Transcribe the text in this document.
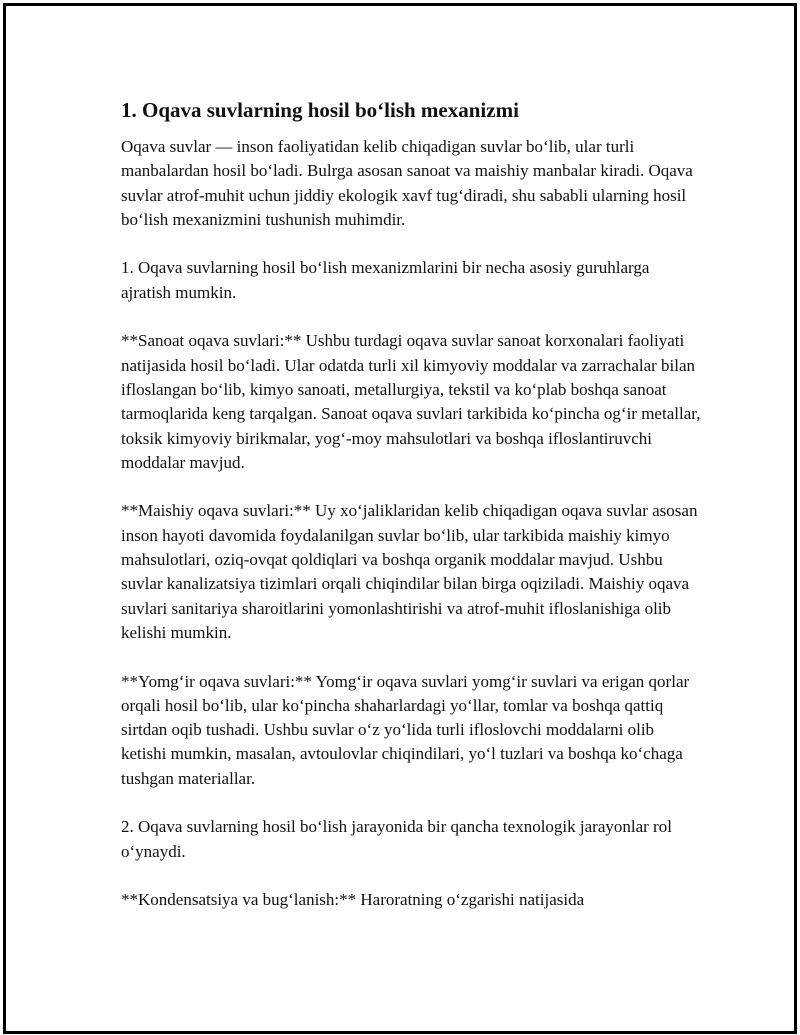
1. Oqava suvlarning hosil bo‘lish mexanizmi

Oqava suvlar — inson faoliyatidan kelib chiqadigan suvlar bo‘lib, ular turli manbalardan hosil bo‘ladi. Bulrga asosan sanoat va maishiy manbalar kiradi. Oqava suvlar atrof-muhit uchun jiddiy ekologik xavf tug‘diradi, shu sababli ularning hosil bo‘lish mexanizmini tushunish muhimdir.

1. Oqava suvlarning hosil bo‘lish mexanizmlarini bir necha asosiy guruhlarga ajratish mumkin.

**Sanoat oqava suvlari:** Ushbu turdagi oqava suvlar sanoat korxonalari faoliyati natijasida hosil bo‘ladi. Ular odatda turli xil kimyoviy moddalar va zarrachalar bilan ifloslangan bo‘lib, kimyo sanoati, metallurgiya, tekstil va ko‘plab boshqa sanoat tarmoqlarida keng tarqalgan. Sanoat oqava suvlari tarkibida ko‘pincha og‘ir metallar, toksik kimyoviy birikmalar, yog‘-moy mahsulotlari va boshqa ifloslantiruvchi moddalar mavjud.

**Maishiy oqava suvlari:** Uy xo‘jaliklaridan kelib chiqadigan oqava suvlar asosan inson hayoti davomida foydalanilgan suvlar bo‘lib, ular tarkibida maishiy kimyo mahsulotlari, oziq-ovqat qoldiqlari va boshqa organik moddalar mavjud. Ushbu suvlar kanalizatsiya tizimlari orqali chiqindilar bilan birga oqiziladi. Maishiy oqava suvlari sanitariya sharoitlarini yomonlashtirishi va atrof-muhit ifloslanishiga olib kelishi mumkin.

**Yomg‘ir oqava suvlari:** Yomg‘ir oqava suvlari yomg‘ir suvlari va erigan qorlar orqali hosil bo‘lib, ular ko‘pincha shaharlardagi yo‘llar, tomlar va boshqa qattiq sirtdan oqib tushadi. Ushbu suvlar o‘z yo‘lida turli ifloslovchi moddalarni olib ketishi mumkin, masalan, avtoulovlar chiqindilari, yo‘l tuzlari va boshqa ko‘chaga tushgan materiallar.

2. Oqava suvlarning hosil bo‘lish jarayonida bir qancha texnologik jarayonlar rol o‘ynaydi.

**Kondensatsiya va bug‘lanish:** Haroratning o‘zgarishi natijasida
